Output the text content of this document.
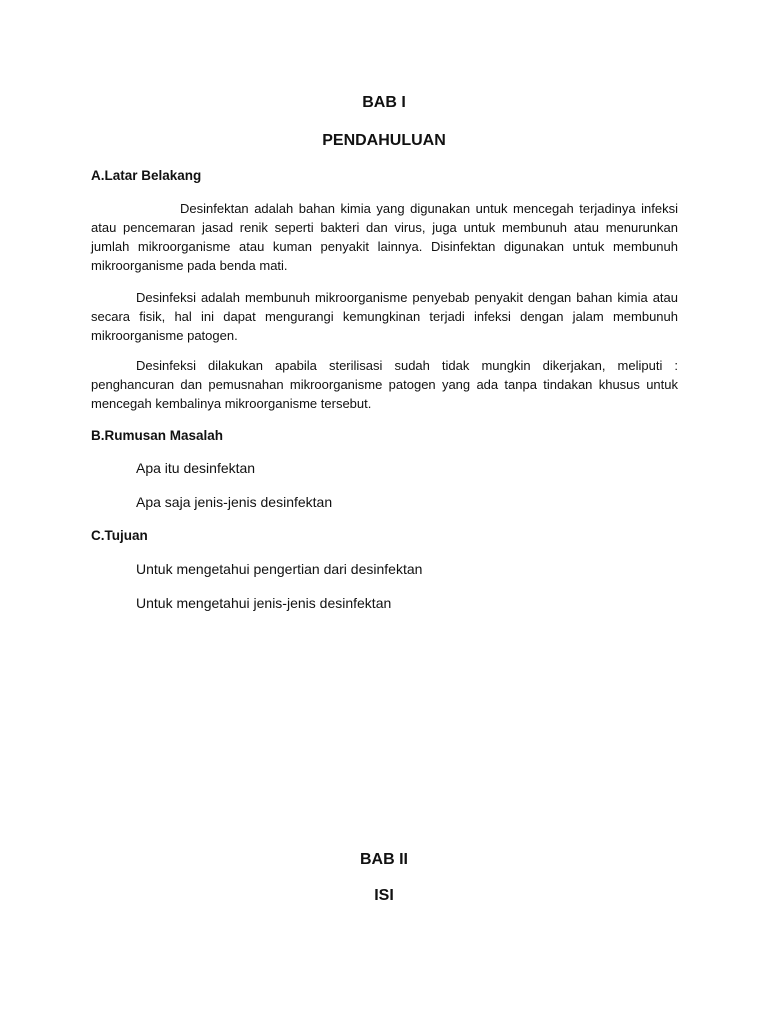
BAB I
PENDAHULUAN
A.Latar Belakang
Desinfektan adalah bahan kimia yang digunakan untuk mencegah terjadinya infeksi atau pencemaran jasad renik seperti bakteri dan virus, juga untuk membunuh atau menurunkan jumlah mikroorganisme atau kuman penyakit lainnya. Disinfektan digunakan untuk membunuh mikroorganisme pada benda mati.
Desinfeksi adalah membunuh mikroorganisme penyebab penyakit dengan bahan kimia atau secara fisik, hal ini dapat mengurangi kemungkinan terjadi infeksi dengan jalam membunuh mikroorganisme patogen.
Desinfeksi dilakukan apabila sterilisasi sudah tidak mungkin dikerjakan, meliputi : penghancuran dan pemusnahan mikroorganisme patogen yang ada tanpa tindakan khusus untuk mencegah kembalinya mikroorganisme tersebut.
B.Rumusan Masalah
Apa itu desinfektan
Apa saja jenis-jenis desinfektan
C.Tujuan
Untuk mengetahui pengertian dari desinfektan
Untuk mengetahui jenis-jenis desinfektan
BAB II
ISI
